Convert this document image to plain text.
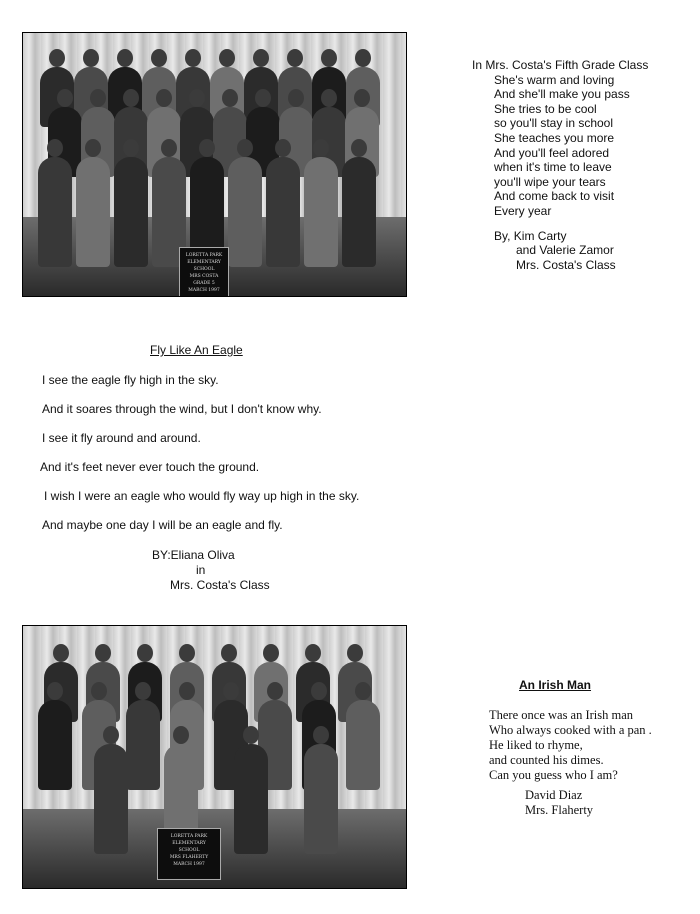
LORETTA PARK
ELEMENTARY
SCHOOL
MRS COSTA
GRADE 5
MARCH 1997
In Mrs. Costa's Fifth Grade Class
She's warm and loving
And she'll make you pass
She tries to be cool
so you'll stay in school
She teaches you more
And you'll feel adored
when it's time to leave
you'll wipe your tears
And come back to visit
Every year
By, Kim Carty
and Valerie Zamor
Mrs. Costa's Class
Fly Like An Eagle
I see the eagle fly high in the sky.
And it soares through the wind, but I don't know why.
I see it fly around and around.
And it's feet never ever touch the ground.
I wish I were an eagle who would fly way up high in the sky.
And maybe one day I will be an eagle and fly.
BY:Eliana Oliva
in
Mrs. Costa's Class
LORETTA PARK
ELEMENTARY
SCHOOL
MRS FLAHERTY
MARCH 1997
An Irish Man
There once was an Irish man
Who always cooked with a pan .
He liked to rhyme,
and counted his dimes.
Can you guess who I am?
David Diaz
Mrs. Flaherty
